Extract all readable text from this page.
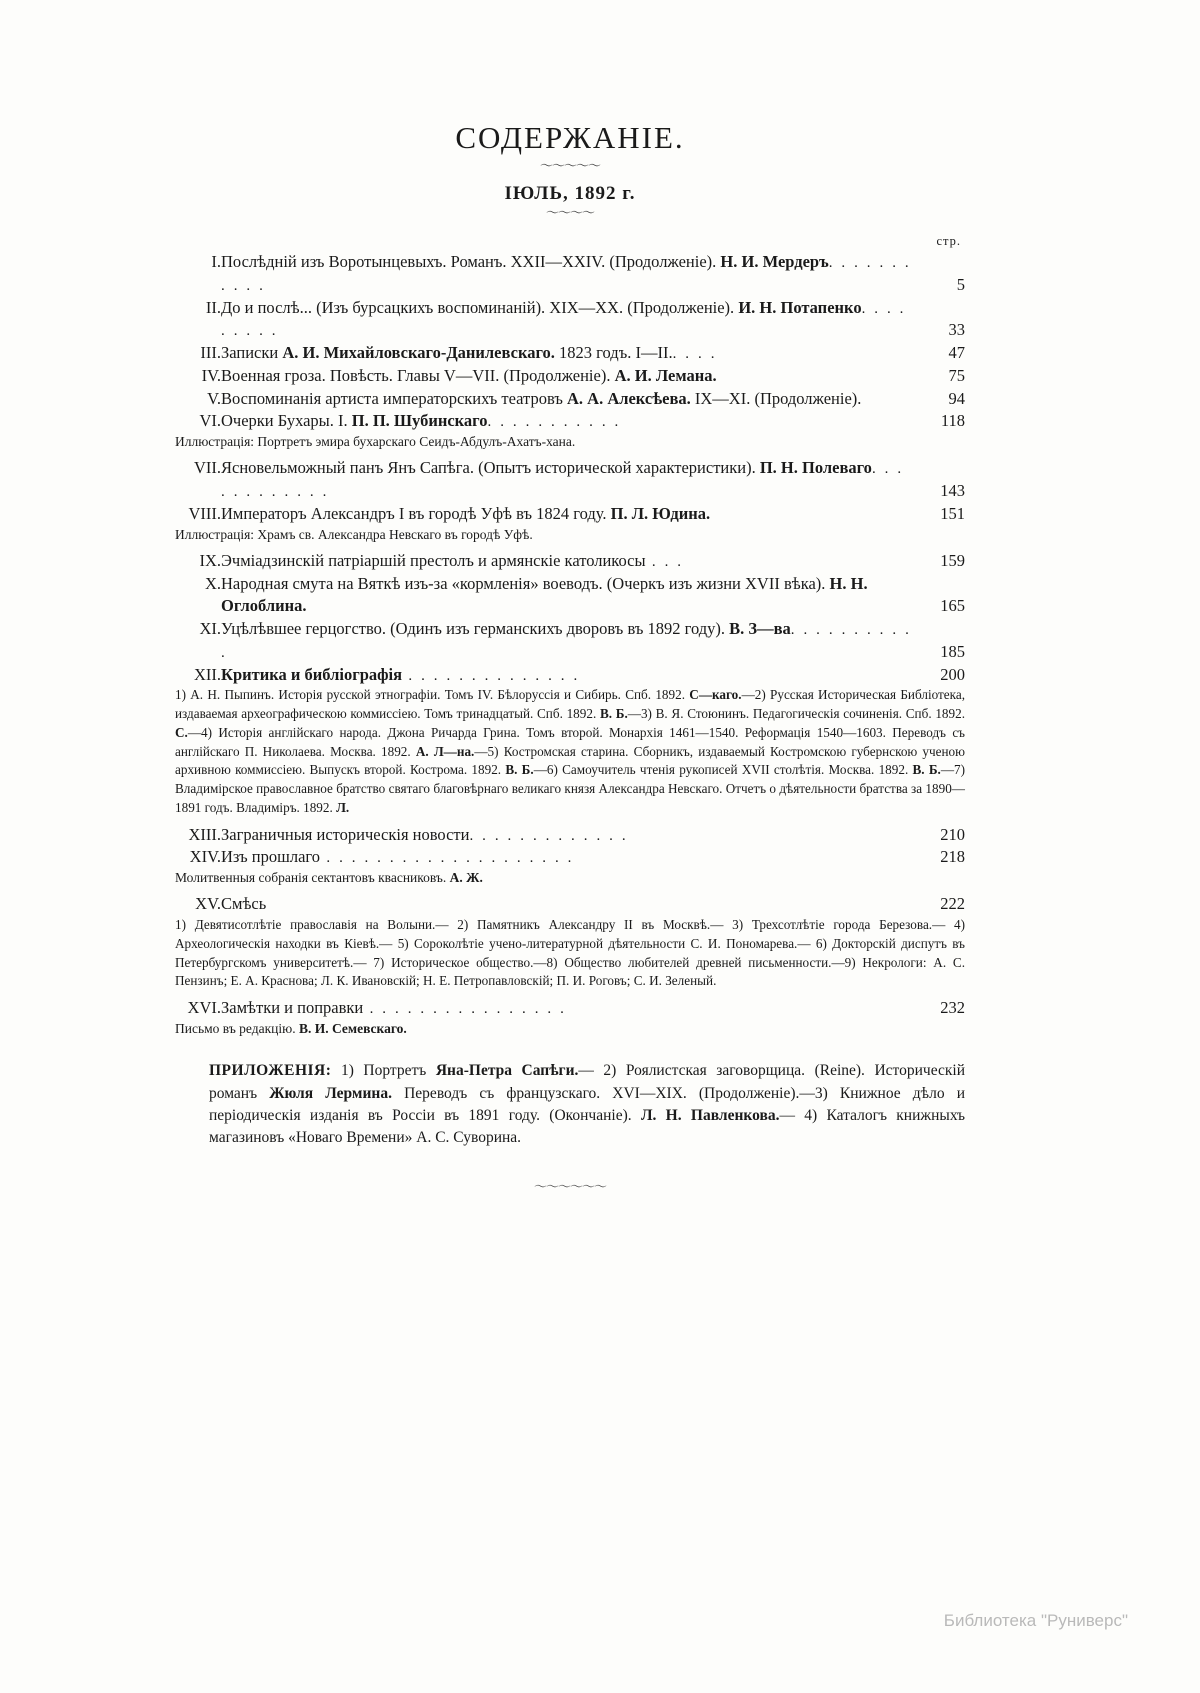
СОДЕРЖАНІЕ.
〜〜〜〜〜
ІЮЛЬ, 1892 г.
〜〜〜〜
стр.
I.	Послѣдній изъ Воротынцевыхъ. Романъ. XXII—XXIV. (Продолженіе). Н. И. Мердеръ. . . . . . . . . . .	5
II.	До и послѣ... (Изъ бурсацкихъ воспоминаній). XIX—XX. (Продолженіе). И. Н. Потапенко. . . . . . . . .	33
III.	Записки А. И. Михайловскаго-Данилевскаго. 1823 годъ. I—II.. . . .	47
IV.	Военная гроза. Повѣсть. Главы V—VII. (Продолженіе). А. И. Лемана.	75
V.	Воспоминанія артиста императорскихъ театровъ А. А. Алексѣева. IX—XI. (Продолженіе).	94
VI.	Очерки Бухары. I. П. П. Шубинскаго. . . . . . . . . . .	118
Иллюстрація: Портретъ эмира бухарскаго Сеидъ-Абдулъ-Ахатъ-хана.		

VII.	Ясновельможный панъ Янъ Сапѣга. (Опытъ исторической характеристики). П. Н. Полеваго. . . . . . . . . . . .	143
VIII.	Императоръ Александръ I въ городѣ Уфѣ въ 1824 году. П. Л. Юдина.	151
Иллюстрація: Храмъ св. Александра Невскаго въ городѣ Уфѣ.		

IX.	Эчміадзинскій патріаршій престолъ и армянскіе католикосы . . .	159
X.	Народная смута на Вяткѣ изъ-за «кормленія» воеводъ. (Очеркъ изъ жизни XVII вѣка). Н. Н. Оглоблина.	165
XI.	Уцѣлѣвшее герцогство. (Одинъ изъ германскихъ дворовъ въ 1892 году). В. З—ва. . . . . . . . . . .	185
XII.	Критика и библіографія . . . . . . . . . . . . . .	200
1) А. Н. Пыпинъ. Исторія русской этнографіи. Томъ IV. Бѣлоруссія и Сибирь. Спб. 1892. С—каго.—2) Русская Историческая Библіотека, издаваемая археографическою коммиссіею. Томъ тринадцатый. Спб. 1892. В. Б.—3) В. Я. Стоюнинъ. Педагогическія сочиненія. Спб. 1892. С.—4) Исторія англійскаго народа. Джона Ричарда Грина. Томъ второй. Монархія 1461—1540. Реформація 1540—1603. Переводъ съ англійскаго П. Николаева. Москва. 1892. А. Л—на.—5) Костромская старина. Сборникъ, издаваемый Костромскою губернскою ученою архивною коммиссіею. Выпускъ второй. Кострома. 1892. В. Б.—6) Самоучитель чтенія рукописей XVII столѣтія. Москва. 1892. В. Б.—7) Владимірское православное братство святаго благовѣрнаго великаго князя Александра Невскаго. Отчетъ о дѣятельности братства за 1890—1891 годъ. Владиміръ. 1892. Л.		

XIII.	Заграничныя историческія новости. . . . . . . . . . . . .	210
XIV.	Изъ прошлаго . . . . . . . . . . . . . . . . . . . .	218
Молитвенныя собранія сектантовъ квасниковъ. А. Ж.		

XV.	Смѣсь	222
1) Девятисотлѣтіе православія на Волыни.— 2) Памятникъ Александру II въ Москвѣ.— 3) Трехсотлѣтіе города Березова.— 4) Археологическія находки въ Кіевѣ.— 5) Сороколѣтіе учено-литературной дѣятельности С. И. Пономарева.— 6) Докторскій диспутъ въ Петербургскомъ университетѣ.— 7) Историческое общество.—8) Общество любителей древней письменности.—9) Некрологи: А. С. Пензинъ; Е. А. Краснова; Л. К. Ивановскій; Н. Е. Петропавловскій; П. И. Роговъ; С. И. Зеленый.		

XVI.	Замѣтки и поправки . . . . . . . . . . . . . . . .	232
Письмо въ редакцію. В. И. Семевскаго.		
ПРИЛОЖЕНІЯ: 1) Портретъ Яна-Петра Сапѣги.— 2) Роялистская заговорщица. (Reine). Историческій романъ Жюля Лермина. Переводъ съ французскаго. XVI—XIX. (Продолженіе).—3) Книжное дѣло и періодическія изданія въ Россіи въ 1891 году. (Окончаніе). Л. Н. Павленкова.— 4) Каталогъ книжныхъ магазиновъ «Новаго Времени» А. С. Суворина.
〜〜〜〜〜〜
Библиотека "Руниверс"
